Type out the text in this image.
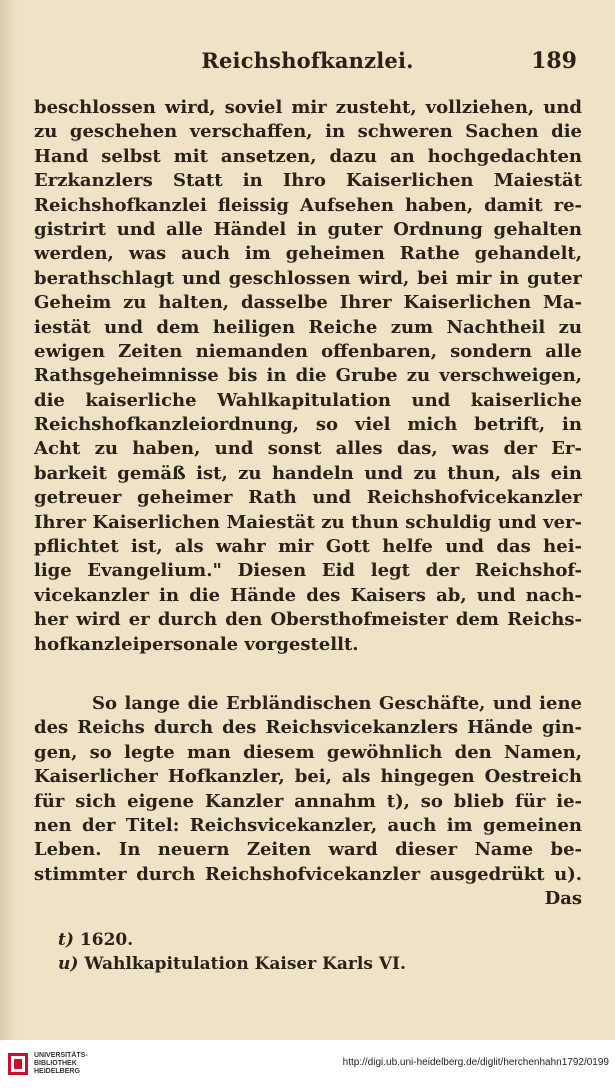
Reichshofkanzlei.	189
beschlossen wird, soviel mir zusteht, vollziehen, und
zu geschehen verschaffen, in schweren Sachen die
Hand selbst mit ansetzen, dazu an hochgedachten
Erzkanzlers Statt in Ihro Kaiserlichen Maiestät
Reichshofkanzlei fleissig Aufsehen haben, damit re-
gistrirt und alle Händel in guter Ordnung gehalten
werden, was auch im geheimen Rathe gehandelt,
berathschlagt und geschlossen wird, bei mir in guter
Geheim zu halten, dasselbe Ihrer Kaiserlichen Ma-
iestät und dem heiligen Reiche zum Nachtheil zu
ewigen Zeiten niemanden offenbaren, sondern alle
Rathsgeheimnisse bis in die Grube zu verschweigen,
die kaiserliche Wahlkapitulation und kaiserliche
Reichshofkanzleiordnung, so viel mich betrift, in
Acht zu haben, und sonst alles das, was der Er-
barkeit gemäß ist, zu handeln und zu thun, als ein
getreuer geheimer Rath und Reichshofvicekanzler
Ihrer Kaiserlichen Maiestät zu thun schuldig und ver-
pflichtet ist, als wahr mir Gott helfe und das hei-
lige Evangelium." Diesen Eid legt der Reichshof-
vicekanzler in die Hände des Kaisers ab, und nach-
her wird er durch den Obersthofmeister dem Reichs-
hofkanzleipersonale vorgestellt.
So lange die Erbländischen Geschäfte, und iene
des Reichs durch des Reichsvicekanzlers Hände gin-
gen, so legte man diesem gewöhnlich den Namen,
Kaiserlicher Hofkanzler, bei, als hingegen Oestreich
für sich eigene Kanzler annahm t), so blieb für ie-
nen der Titel: Reichsvicekanzler, auch im gemeinen
Leben. In neuern Zeiten ward dieser Name be-
stimmter durch Reichshofvicekanzler ausgedrükt u).
Das
t) 1620.
u) Wahlkapitulation Kaiser Karls VI.
UNIVERSITÄTS-
BIBLIOTHEK
HEIDELBERG
http://digi.ub.uni-heidelberg.de/diglit/herchenhahn1792/0199
